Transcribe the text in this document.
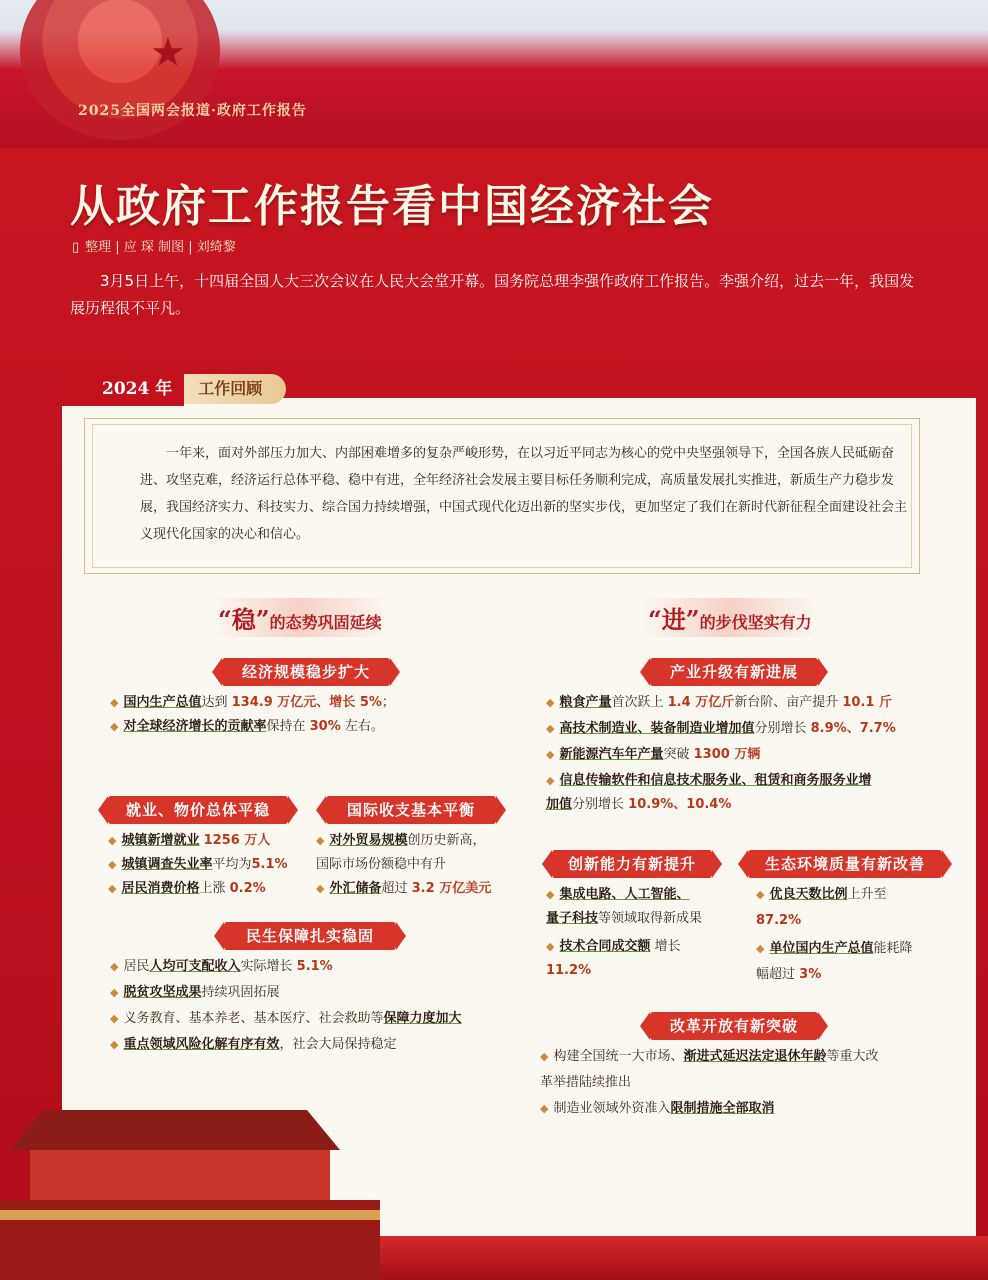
★
2025全国两会报道·政府工作报告
从政府工作报告看中国经济社会
▯ 整理 | 应 琛 制图 | 刘绮黎
3月5日上午，十四届全国人大三次会议在人民大会堂开幕。国务院总理李强作政府工作报告。李强介绍，过去一年，我国发展历程很不平凡。
2024 年	工作回顾
一年来，面对外部压力加大、内部困难增多的复杂严峻形势，在以习近平同志为核心的党中央坚强领导下，全国各族人民砥砺奋进、攻坚克难，经济运行总体平稳、稳中有进，全年经济社会发展主要目标任务顺利完成，高质量发展扎实推进，新质生产力稳步发展，我国经济实力、科技实力、综合国力持续增强，中国式现代化迈出新的坚实步伐，更加坚定了我们在新时代新征程全面建设社会主义现代化国家的决心和信心。
“稳”的态势巩固延续
经济规模稳步扩大
◆ 国内生产总值达到 134.9 万亿元、增长 5%；
◆ 对全球经济增长的贡献率保持在 30% 左右。
就业、物价总体平稳
◆ 城镇新增就业 1256 万人
◆ 城镇调查失业率平均为5.1%
◆ 居民消费价格上涨 0.2%
国际收支基本平衡
◆ 对外贸易规模创历史新高，
国际市场份额稳中有升
◆ 外汇储备超过 3.2 万亿美元
民生保障扎实稳固
◆ 居民人均可支配收入实际增长 5.1%
◆ 脱贫攻坚成果持续巩固拓展
◆ 义务教育、基本养老、基本医疗、社会救助等保障力度加大
◆ 重点领域风险化解有序有效，社会大局保持稳定
“进”的步伐坚实有力
产业升级有新进展
◆ 粮食产量首次跃上 1.4 万亿斤新台阶、亩产提升 10.1 斤
◆ 高技术制造业、装备制造业增加值分别增长 8.9%、7.7%
◆ 新能源汽车年产量突破 1300 万辆
◆ 信息传输软件和信息技术服务业、租赁和商务服务业增
加值分别增长 10.9%、10.4%
创新能力有新提升
◆ 集成电路、人工智能、
量子科技等领域取得新成果
◆ 技术合同成交额 增长
11.2%
生态环境质量有新改善
◆ 优良天数比例上升至
87.2%
◆ 单位国内生产总值能耗降
幅超过 3%
改革开放有新突破
◆ 构建全国统一大市场、渐进式延迟法定退休年龄等重大改
革举措陆续推出
◆ 制造业领域外资准入限制措施全部取消
